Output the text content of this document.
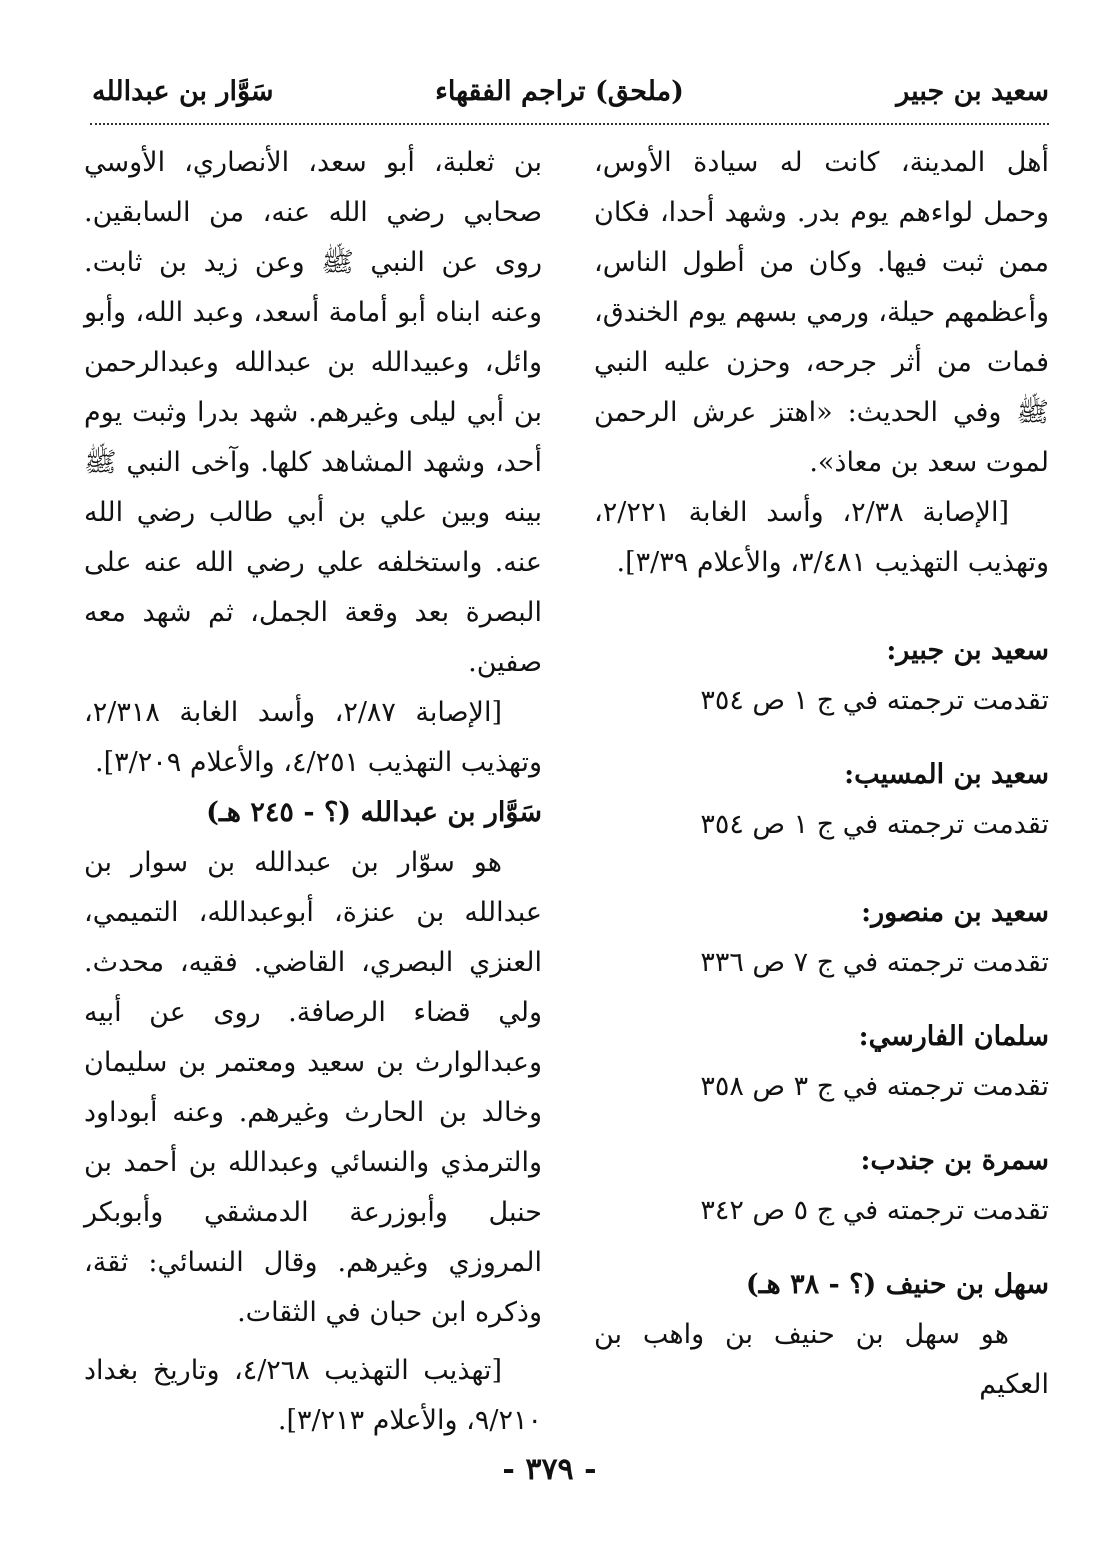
سعيد بن جبير
(ملحق) تراجم الفقهاء
سَوَّار بن عبدالله

أهل المدينة، كانت له سيادة الأوس، وحمل لواءهم يوم بدر. وشهد أحدا، فكان ممن ثبت فيها. وكان من أطول الناس، وأعظمهم حيلة، ورمي بسهم يوم الخندق، فمات من أثر جرحه، وحزن عليه النبي ﷺ وفي الحديث: «اهتز عرش الرحمن لموت سعد بن معاذ».

[الإصابة ٢/٣٨، وأسد الغابة ٢/٢٢١، وتهذيب التهذيب ٣/٤٨١، والأعلام ٣/٣٩].

سعيد بن جبير:

تقدمت ترجمته في ج ١ ص ٣٥٤

سعيد بن المسيب:

تقدمت ترجمته في ج ١ ص ٣٥٤

سعيد بن منصور:

تقدمت ترجمته في ج ٧ ص ٣٣٦

سلمان الفارسي:

تقدمت ترجمته في ج ٣ ص ٣٥٨

سمرة بن جندب:

تقدمت ترجمته في ج ٥ ص ٣٤٢

سهل بن حنيف (؟ - ٣٨ هـ)

هو سهل بن حنيف بن واهب بن العكيم

بن ثعلبة، أبو سعد، الأنصاري، الأوسي صحابي رضي الله عنه، من السابقين. روى عن النبي ﷺ وعن زيد بن ثابت. وعنه ابناه أبو أمامة أسعد، وعبد الله، وأبو وائل، وعبيدالله بن عبدالله وعبدالرحمن بن أبي ليلى وغيرهم. شهد بدرا وثبت يوم أحد، وشهد المشاهد كلها. وآخى النبي ﷺ بينه وبين علي بن أبي طالب رضي الله عنه. واستخلفه علي رضي الله عنه على البصرة بعد وقعة الجمل، ثم شهد معه صفين.

[الإصابة ٢/٨٧، وأسد الغابة ٢/٣١٨، وتهذيب التهذيب ٤/٢٥١، والأعلام ٣/٢٠٩].

سَوَّار بن عبدالله (؟ - ٢٤٥ هـ)

هو سوّار بن عبدالله بن سوار بن عبدالله بن عنزة، أبوعبدالله، التميمي، العنزي البصري، القاضي. فقيه، محدث. ولي قضاء الرصافة. روى عن أبيه وعبدالوارث بن سعيد ومعتمر بن سليمان وخالد بن الحارث وغيرهم. وعنه أبوداود والترمذي والنسائي وعبدالله بن أحمد بن حنبل وأبوزرعة الدمشقي وأبوبكر المروزي وغيرهم. وقال النسائي: ثقة، وذكره ابن حبان في الثقات.

[تهذيب التهذيب ٤/٢٦٨، وتاريخ بغداد ٩/٢١٠، والأعلام ٣/٢١٣].

- ٣٧٩ -
